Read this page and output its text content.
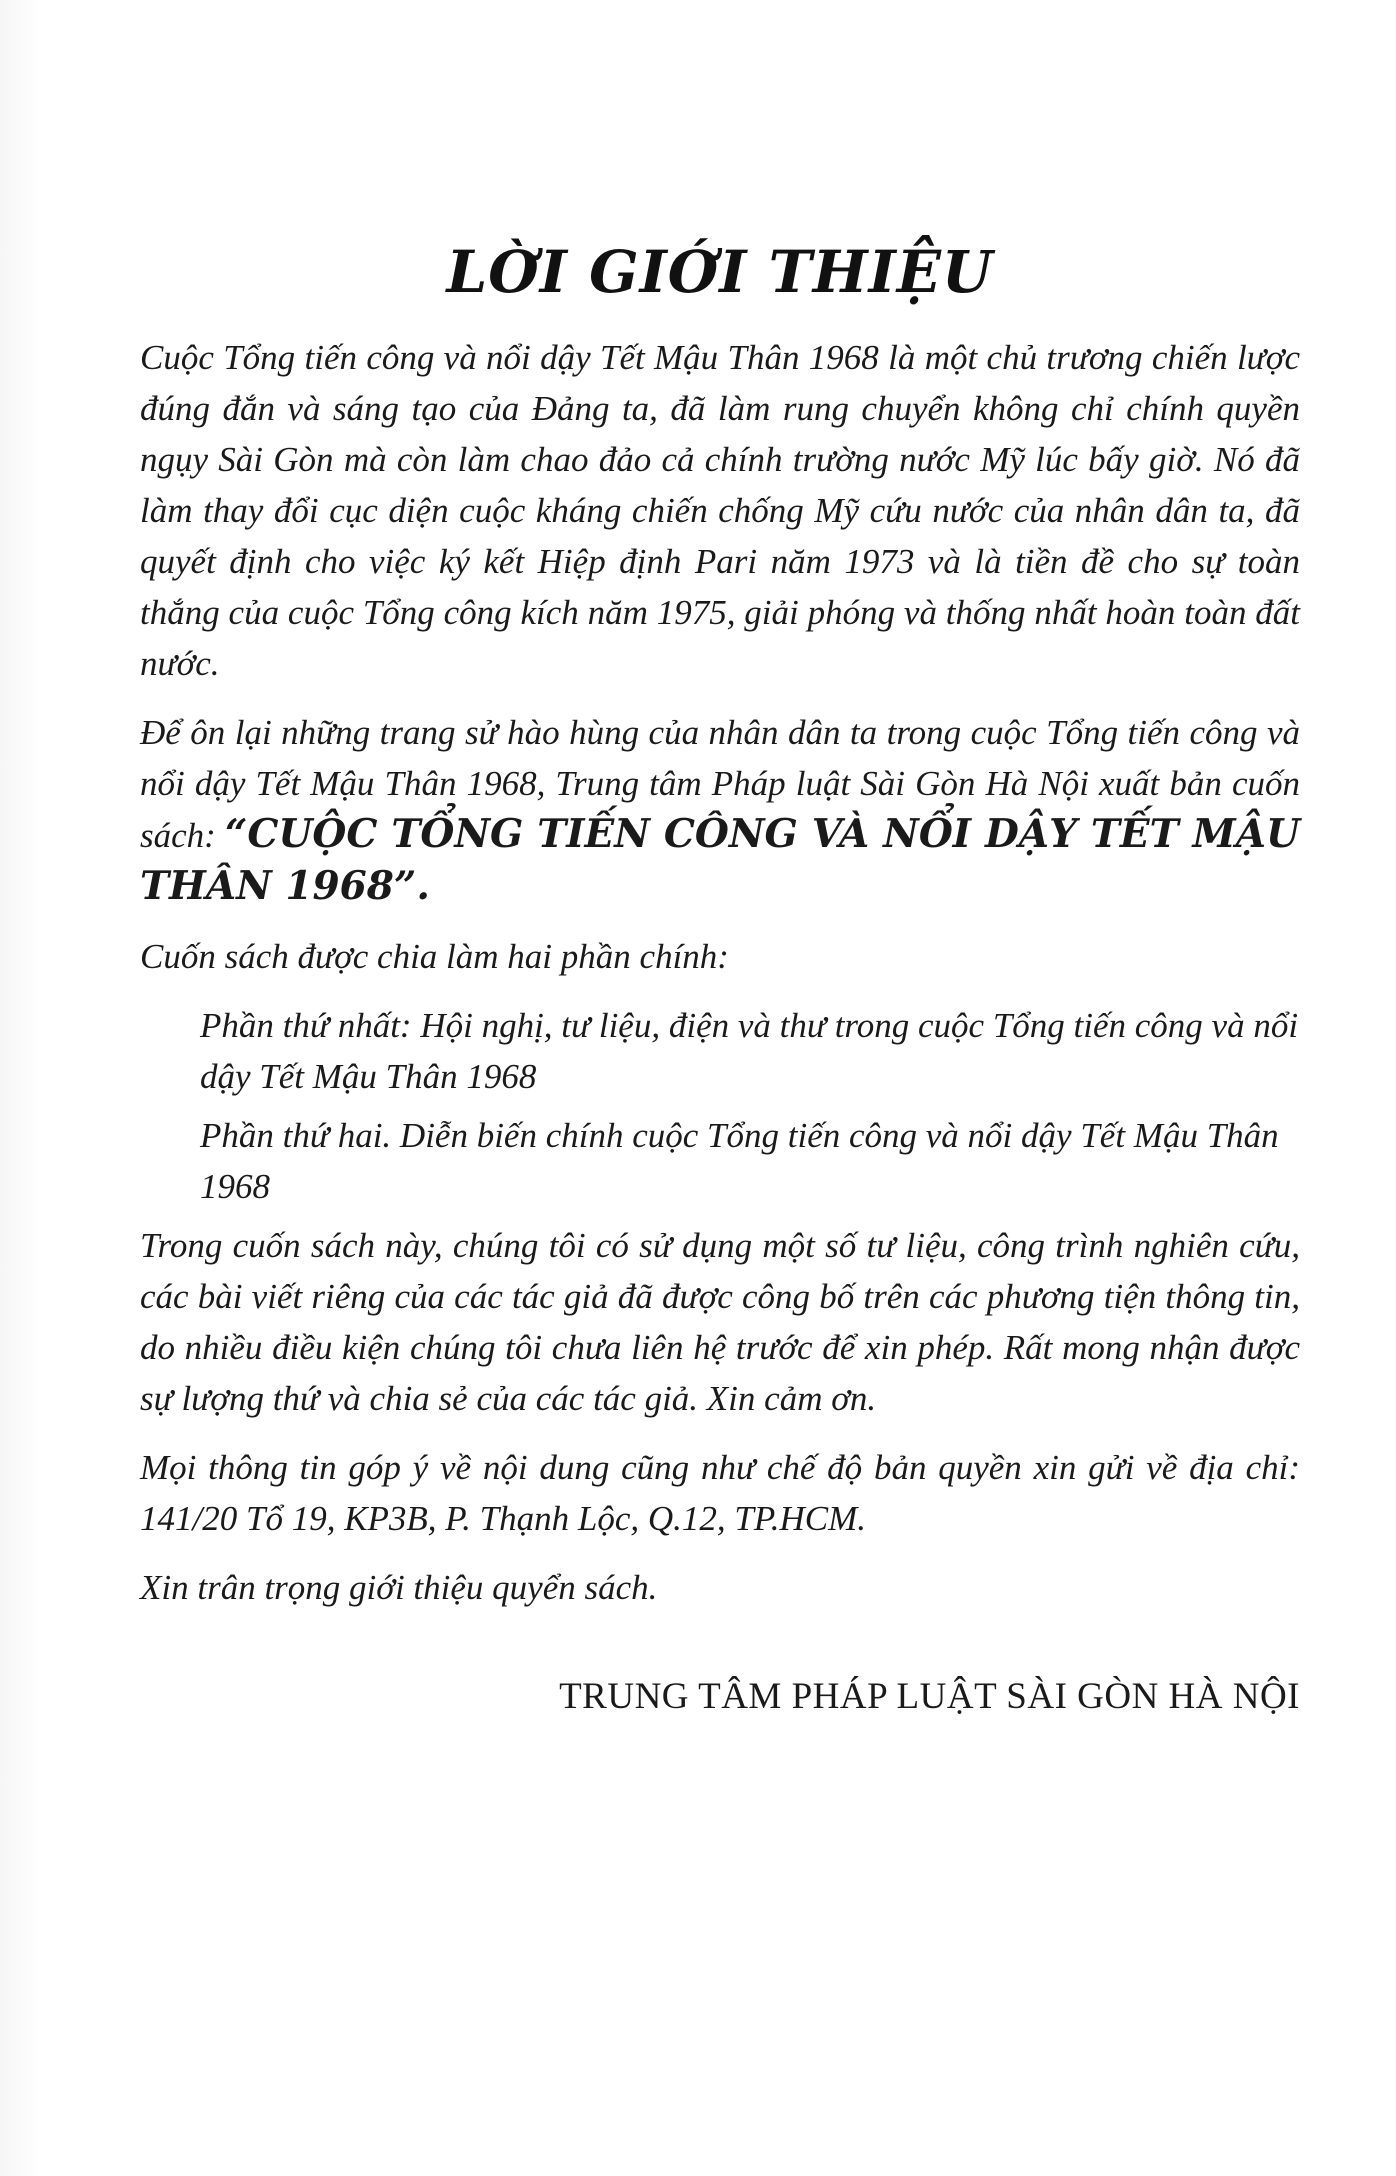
LỜI GIỚI THIỆU

Cuộc Tổng tiến công và nổi dậy Tết Mậu Thân 1968 là một chủ trương chiến lược đúng đắn và sáng tạo của Đảng ta, đã làm rung chuyển không chỉ chính quyền ngụy Sài Gòn mà còn làm chao đảo cả chính trường nước Mỹ lúc bấy giờ. Nó đã làm thay đổi cục diện cuộc kháng chiến chống Mỹ cứu nước của nhân dân ta, đã quyết định cho việc ký kết Hiệp định Pari năm 1973 và là tiền đề cho sự toàn thắng của cuộc Tổng công kích năm 1975, giải phóng và thống nhất hoàn toàn đất nước.

Để ôn lại những trang sử hào hùng của nhân dân ta trong cuộc Tổng tiến công và nổi dậy Tết Mậu Thân 1968, Trung tâm Pháp luật Sài Gòn Hà Nội xuất bản cuốn sách: “CUỘC TỔNG TIẾN CÔNG VÀ NỔI DẬY TẾT MẬU THÂN 1968”.

Cuốn sách được chia làm hai phần chính:

Phần thứ nhất: Hội nghị, tư liệu, điện và thư trong cuộc Tổng tiến công và nổi dậy Tết Mậu Thân 1968

Phần thứ hai. Diễn biến chính cuộc Tổng tiến công và nổi dậy Tết Mậu Thân 1968

Trong cuốn sách này, chúng tôi có sử dụng một số tư liệu, công trình nghiên cứu, các bài viết riêng của các tác giả đã được công bố trên các phương tiện thông tin, do nhiều điều kiện chúng tôi chưa liên hệ trước để xin phép. Rất mong nhận được sự lượng thứ và chia sẻ của các tác giả. Xin cảm ơn.

Mọi thông tin góp ý về nội dung cũng như chế độ bản quyền xin gửi về địa chỉ: 141/20 Tổ 19, KP3B, P. Thạnh Lộc, Q.12, TP.HCM.

Xin trân trọng giới thiệu quyển sách.

TRUNG TÂM PHÁP LUẬT SÀI GÒN HÀ NỘI
